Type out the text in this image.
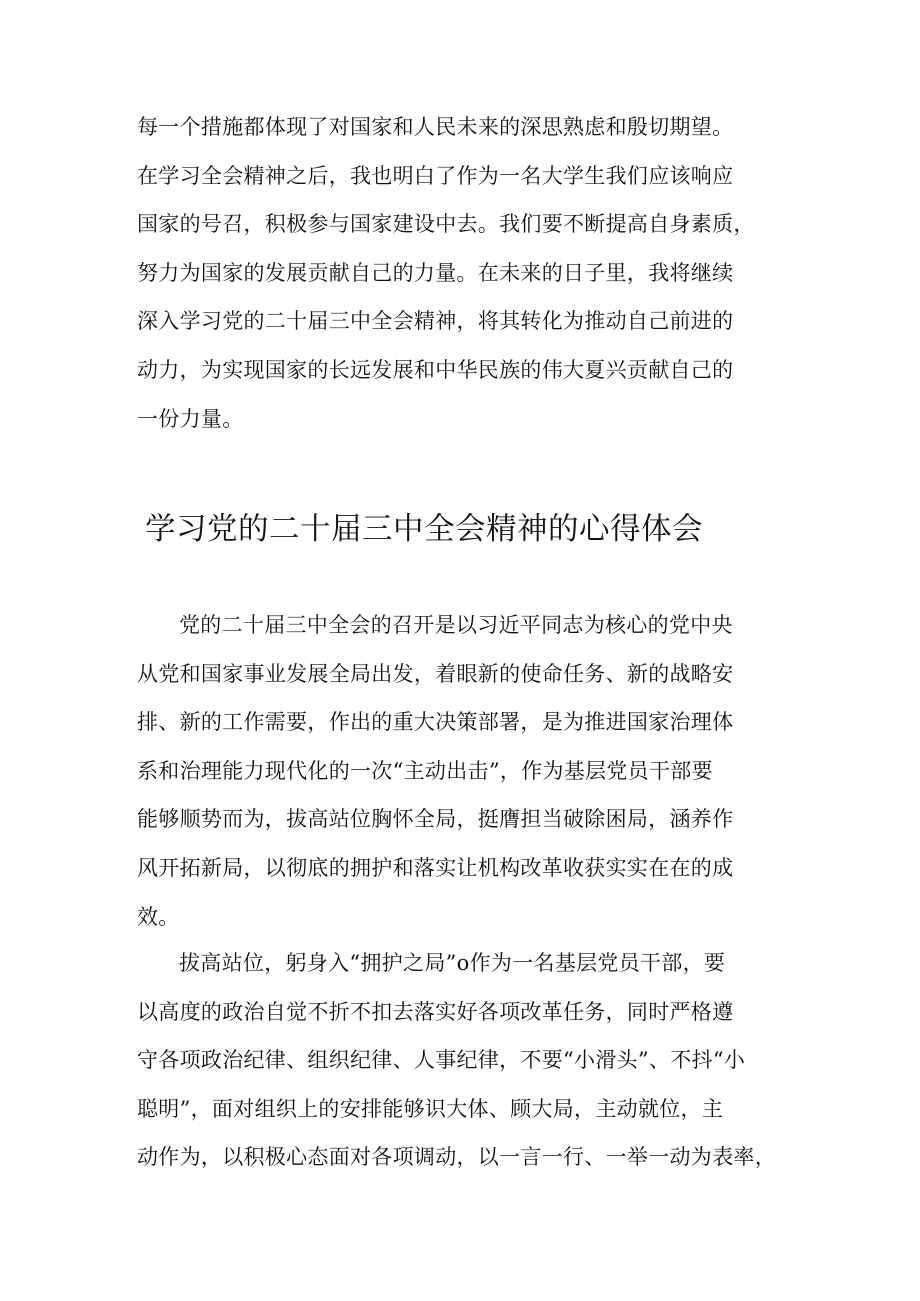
每一个措施都体现了对国家和人民未来的深思熟虑和殷切期望。
在学习全会精神之后，我也明白了作为一名大学生我们应该响应
国家的号召，积极参与国家建设中去。我们要不断提高自身素质，
努力为国家的发展贡献自己的力量。在未来的日子里，我将继续
深入学习党的二十届三中全会精神，将其转化为推动自己前进的
动力，为实现国家的长远发展和中华民族的伟大夏兴贡献自己的
一份力量。
学习党的二十届三中全会精神的心得体会
党的二十届三中全会的召开是以习近平同志为核心的党中央
从党和国家事业发展全局出发，着眼新的使命任务、新的战略安
排、新的工作需要，作出的重大决策部署，是为推进国家治理体
系和治理能力现代化的一次“主动出击”，作为基层党员干部要
能够顺势而为，拔高站位胸怀全局，挺膺担当破除困局，涵养作
风开拓新局，以彻底的拥护和落实让机构改革收获实实在在的成
效。
拔高站位，躬身入“拥护之局”o作为一名基层党员干部，要
以高度的政治自觉不折不扣去落实好各项改革任务，同时严格遵
守各项政治纪律、组织纪律、人事纪律，不要“小滑头”、不抖“小
聪明”，面对组织上的安排能够识大体、顾大局，主动就位，主
动作为，以积极心态面对各项调动，以一言一行、一举一动为表率，
